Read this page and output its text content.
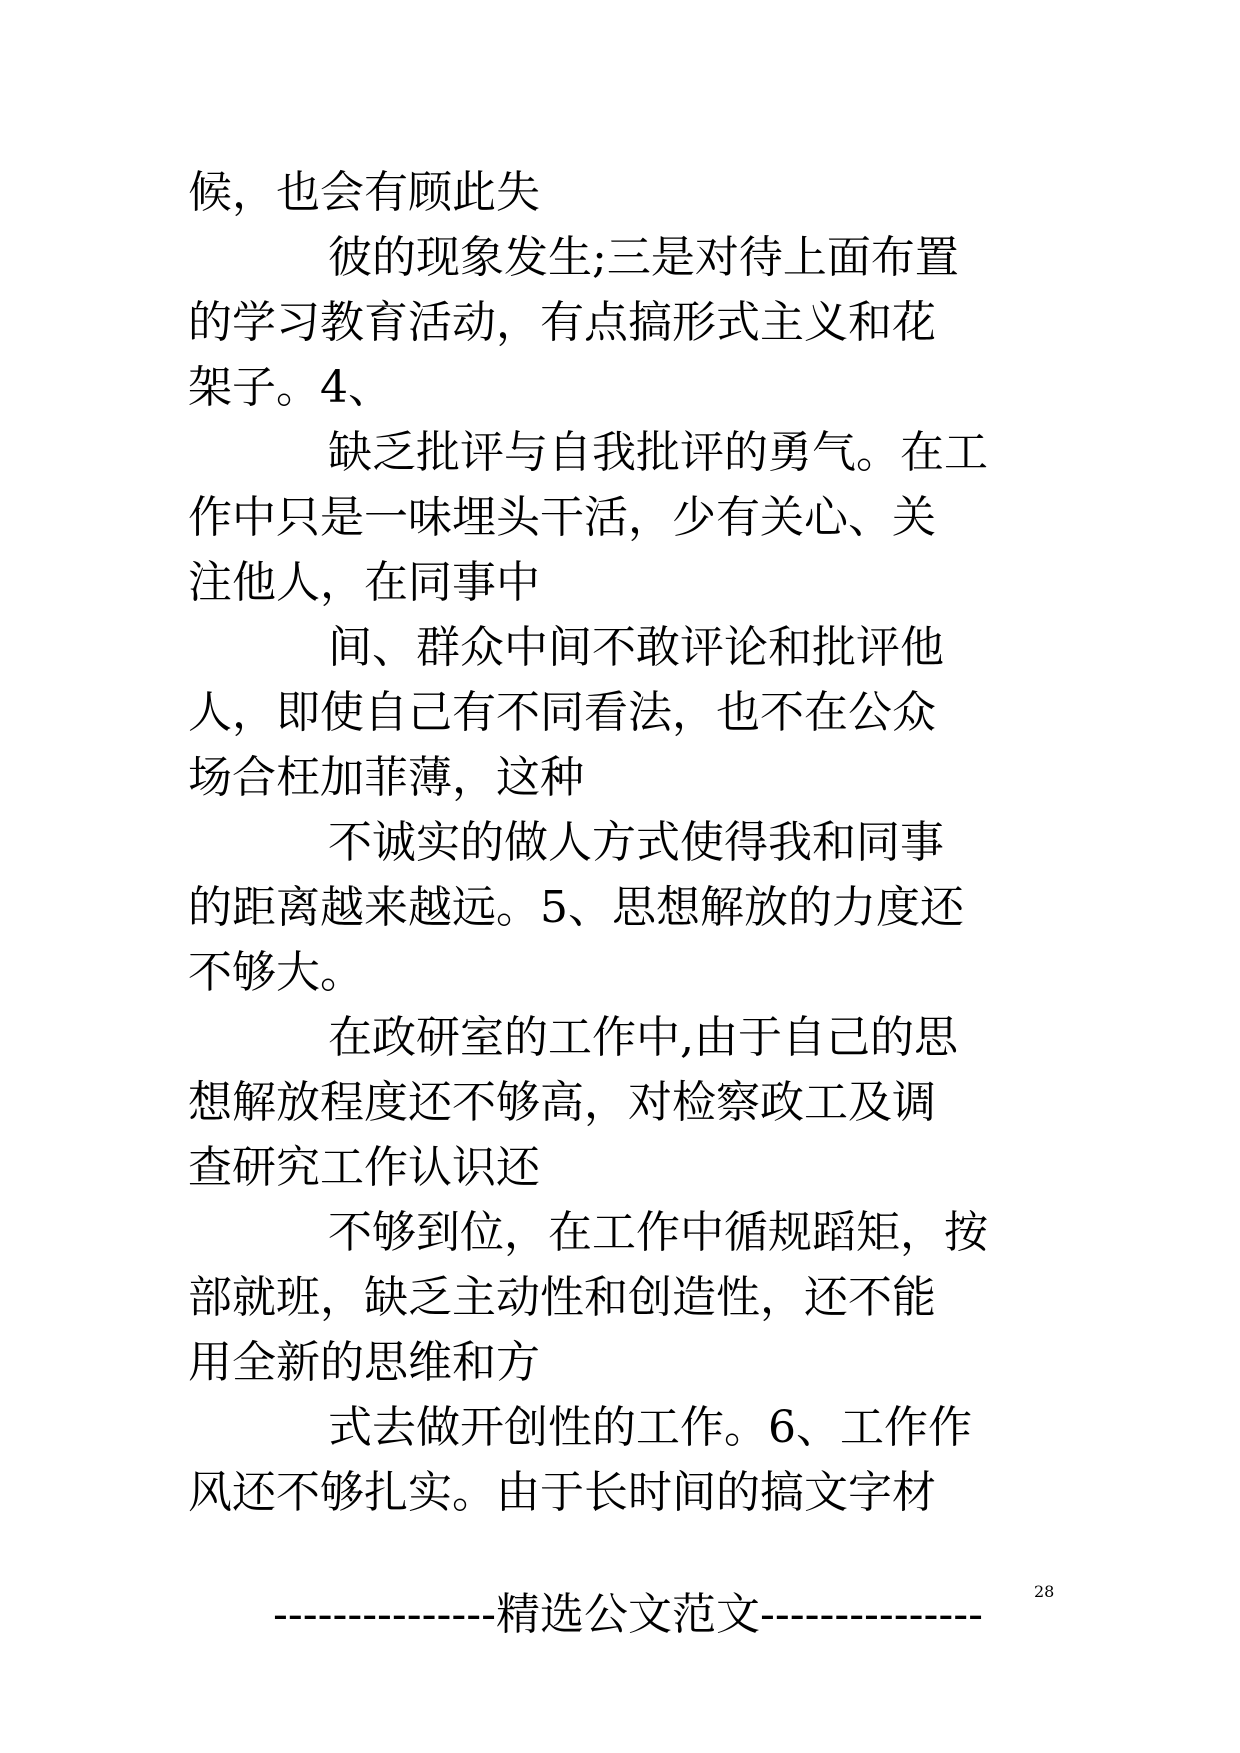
候，也会有顾此失
彼的现象发生;三是对待上面布置
的学习教育活动，有点搞形式主义和花
架子。4、
缺乏批评与自我批评的勇气。在工
作中只是一味埋头干活，少有关心、关
注他人，在同事中
间、群众中间不敢评论和批评他
人，即使自己有不同看法，也不在公众
场合枉加菲薄，这种
不诚实的做人方式使得我和同事
的距离越来越远。5、思想解放的力度还
不够大。
在政研室的工作中,由于自己的思
想解放程度还不够高，对检察政工及调
查研究工作认识还
不够到位，在工作中循规蹈矩，按
部就班，缺乏主动性和创造性，还不能
用全新的思维和方
式去做开创性的工作。6、工作作
风还不够扎实。由于长时间的搞文字材
---------------精选公文范文---------------	28
